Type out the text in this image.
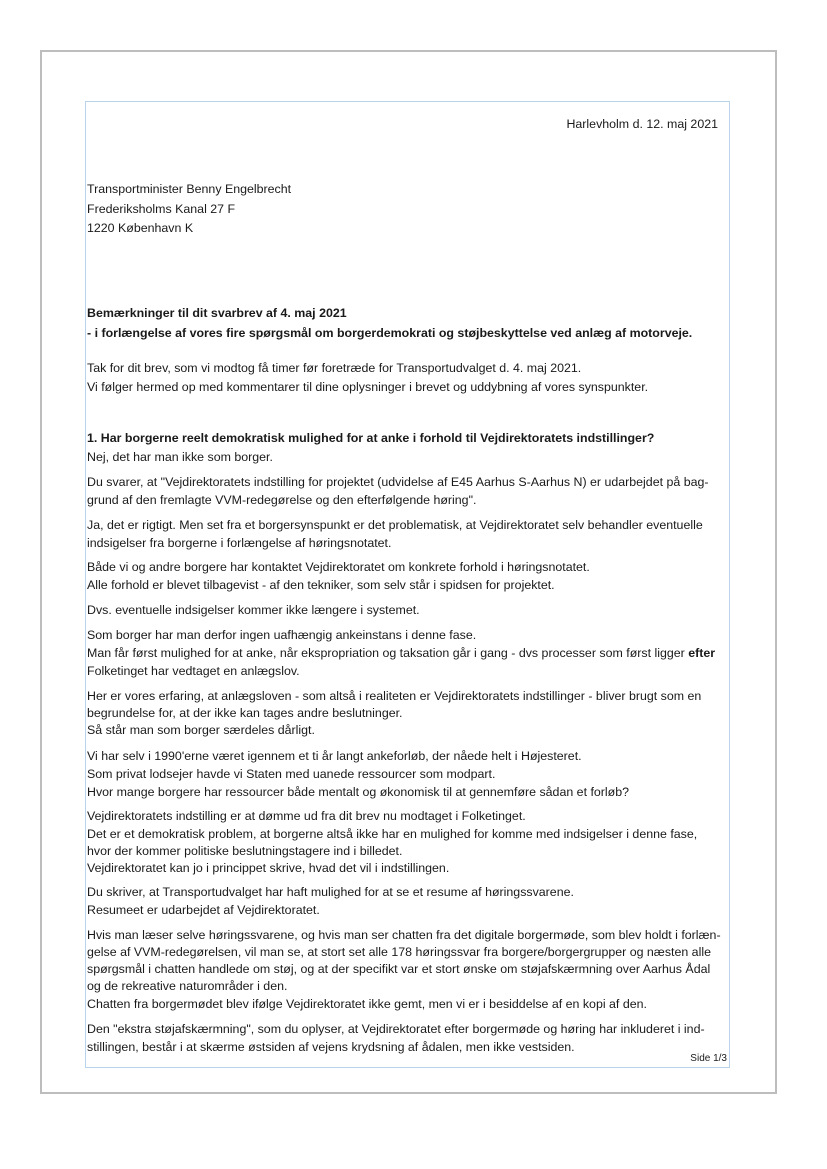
Harlevholm d. 12. maj 2021
Transportminister Benny Engelbrecht
Frederiksholms Kanal 27 F
1220 København K
Bemærkninger til dit svarbrev af 4. maj 2021
- i forlængelse af vores fire spørgsmål om borgerdemokrati og støjbeskyttelse ved anlæg af motorveje.
Tak for dit brev, som vi modtog få timer før foretræde for Transportudvalget d. 4. maj 2021.
Vi følger hermed op med kommentarer til dine oplysninger i brevet og uddybning af vores synspunkter.
1. Har borgerne reelt demokratisk mulighed for at anke i forhold til Vejdirektoratets indstillinger?
Nej, det har man ikke som borger.
Du svarer, at "Vejdirektoratets indstilling for projektet (udvidelse af E45 Aarhus S-Aarhus N) er udarbejdet på bag-
grund af den fremlagte VVM-redegørelse og den efterfølgende høring".
Ja, det er rigtigt. Men set fra et borgersynspunkt er det problematisk, at Vejdirektoratet selv behandler eventuelle
indsigelser fra borgerne i forlængelse af høringsnotatet.
Både vi og andre borgere har kontaktet Vejdirektoratet om konkrete forhold i høringsnotatet.
Alle forhold er blevet tilbagevist - af den tekniker, som selv står i spidsen for projektet.
Dvs. eventuelle indsigelser kommer ikke længere i systemet.
Som borger har man derfor ingen uafhængig ankeinstans i denne fase.
Man får først mulighed for at anke, når ekspropriation og taksation går i gang - dvs processer som først ligger efter
Folketinget har vedtaget en anlægslov.
Her er vores erfaring, at anlægsloven - som altså i realiteten er Vejdirektoratets indstillinger - bliver brugt som en
begrundelse for, at der ikke kan tages andre beslutninger.
Så står man som borger særdeles dårligt.
Vi har selv i 1990'erne været igennem et ti år langt ankeforløb, der nåede helt i Højesteret.
Som privat lodsejer havde vi Staten med uanede ressourcer som modpart.
Hvor mange borgere har ressourcer både mentalt og økonomisk til at gennemføre sådan et forløb?
Vejdirektoratets indstilling er at dømme ud fra dit brev nu modtaget i Folketinget.
Det er et demokratisk problem, at borgerne altså ikke har en mulighed for komme med indsigelser i denne fase,
hvor der kommer politiske beslutningstagere ind i billedet.
Vejdirektoratet kan jo i princippet skrive, hvad det vil i indstillingen.
Du skriver, at Transportudvalget har haft mulighed for at se et resume af høringssvarene.
Resumeet er udarbejdet af Vejdirektoratet.
Hvis man læser selve høringssvarene, og hvis man ser chatten fra det digitale borgermøde, som blev holdt i forlæn-
gelse af VVM-redegørelsen, vil man se, at stort set alle 178 høringssvar fra borgere/borgergrupper og næsten alle
spørgsmål i chatten handlede om støj, og at der specifikt var et stort ønske om støjafskærmning over Aarhus Ådal
og de rekreative naturområder i den.
Chatten fra borgermødet blev ifølge Vejdirektoratet ikke gemt, men vi er i besiddelse af en kopi af den.
Den "ekstra støjafskærmning", som du oplyser, at Vejdirektoratet efter borgermøde og høring har inkluderet i ind-
stillingen, består i at skærme østsiden af vejens krydsning af ådalen, men ikke vestsiden.
Side 1/3
